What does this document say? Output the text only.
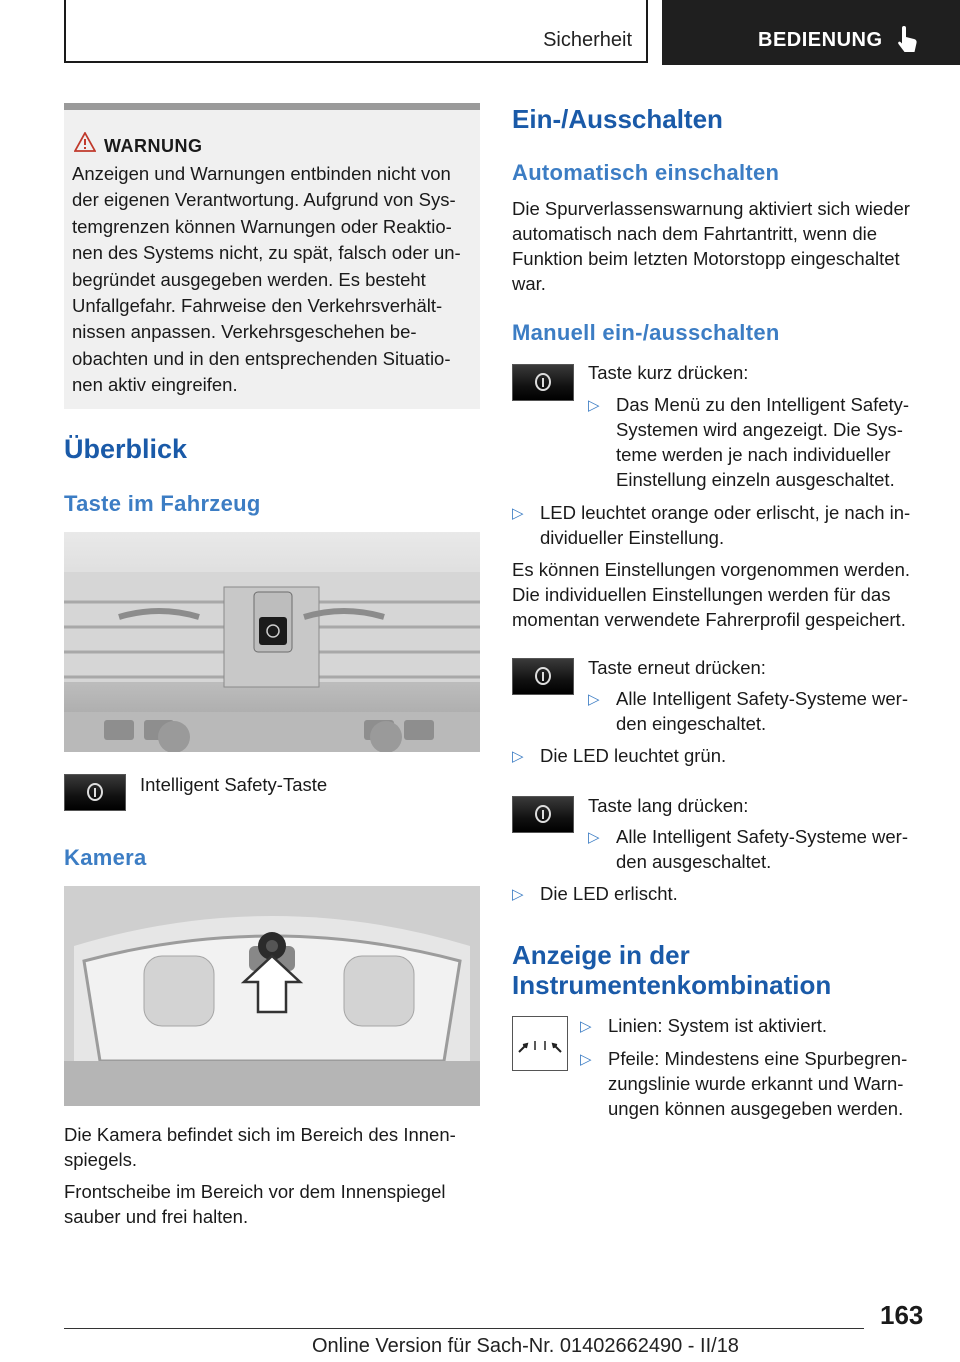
Sicherheit	BEDIENUNG
WARNUNG
Anzeigen und Warnungen entbinden nicht von
der eigenen Verantwortung. Aufgrund von Sys-
temgrenzen können Warnungen oder Reaktio-
nen des Systems nicht, zu spät, falsch oder un-
begründet ausgegeben werden. Es besteht
Unfallgefahr. Fahrweise den Verkehrsverhält-
nissen anpassen. Verkehrsgeschehen be-
obachten und in den entsprechenden Situatio-
nen aktiv eingreifen.
Überblick
Taste im Fahrzeug
Intelligent Safety-Taste
Kamera
Die Kamera befindet sich im Bereich des Innen-
spiegels.
Frontscheibe im Bereich vor dem Innenspiegel
sauber und frei halten.
Ein-/Ausschalten
Automatisch einschalten
Die Spurverlassenswarnung aktiviert sich wieder
automatisch nach dem Fahrtantritt, wenn die
Funktion beim letzten Motorstopp eingeschaltet
war.
Manuell ein-/ausschalten
Taste kurz drücken:
▷ Das Menü zu den Intelligent Safety-
Systemen wird angezeigt. Die Sys-
teme werden je nach individueller
Einstellung einzeln ausgeschaltet.
▷ LED leuchtet orange oder erlischt, je nach in-
dividueller Einstellung.
Es können Einstellungen vorgenommen werden.
Die individuellen Einstellungen werden für das
momentan verwendete Fahrerprofil gespeichert.
Taste erneut drücken:
▷ Alle Intelligent Safety-Systeme wer-
den eingeschaltet.
▷ Die LED leuchtet grün.
Taste lang drücken:
▷ Alle Intelligent Safety-Systeme wer-
den ausgeschaltet.
▷ Die LED erlischt.
Anzeige in der
Instrumentenkombination
▷ Linien: System ist aktiviert.
▷ Pfeile: Mindestens eine Spurbegren-
zungslinie wurde erkannt und Warn-
ungen können ausgegeben werden.
163
Online Version für Sach-Nr. 01402662490 - II/18
